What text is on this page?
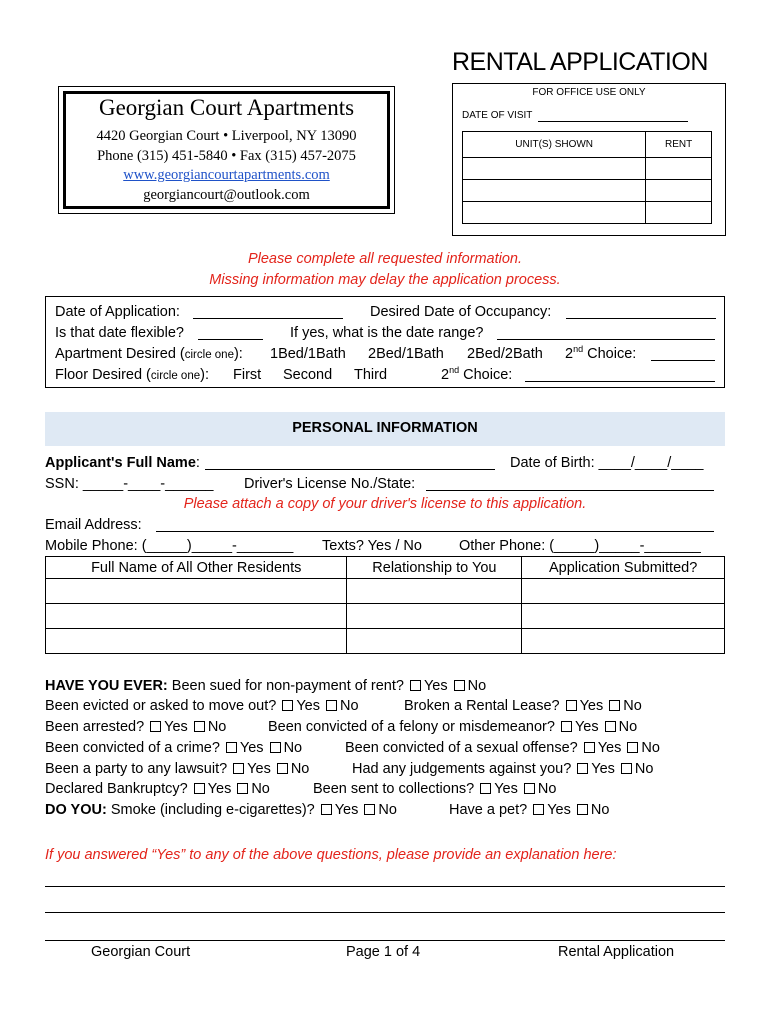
RENTAL APPLICATION
Georgian Court Apartments
4420 Georgian Court • Liverpool, NY 13090
Phone (315) 451-5840 • Fax (315) 457-2075
www.georgiancourtapartments.com
georgiancourt@outlook.com
FOR OFFICE USE ONLY
DATE OF VISIT
UNIT(S) SHOWN	RENT

Please complete all requested information.
Missing information may delay the application process.
Date of Application:	Desired Date of Occupancy:
Is that date flexible?	If yes, what is the date range?
Apartment Desired (circle one): 1Bed/1Bath 2Bed/1Bath 2Bed/2Bath 2nd Choice:
Floor Desired (circle one): First Second Third	2nd Choice:
PERSONAL INFORMATION
Applicant's Full Name:	Date of Birth: ____/____/____
SSN: _____-____-______ Driver's License No./State:
Please attach a copy of your driver's license to this application.
Email Address:
Mobile Phone: (_____)_____-_______ Texts? Yes / No	Other Phone: (_____)_____-_______
Full Name of All Other Residents	Relationship to You	Application Submitted?

HAVE YOU EVER: Been sued for non-payment of rent? Yes No
Been evicted or asked to move out? Yes No	Broken a Rental Lease? Yes No
Been arrested? Yes No	Been convicted of a felony or misdemeanor? Yes No
Been convicted of a crime? Yes No	Been convicted of a sexual offense? Yes No
Been a party to any lawsuit? Yes No	Had any judgements against you? Yes No
Declared Bankruptcy? Yes No	Been sent to collections? Yes No
DO YOU: Smoke (including e-cigarettes)? Yes No	Have a pet? Yes No
If you answered “Yes” to any of the above questions, please provide an explanation here:
Georgian Court	Page 1 of 4	Rental Application
